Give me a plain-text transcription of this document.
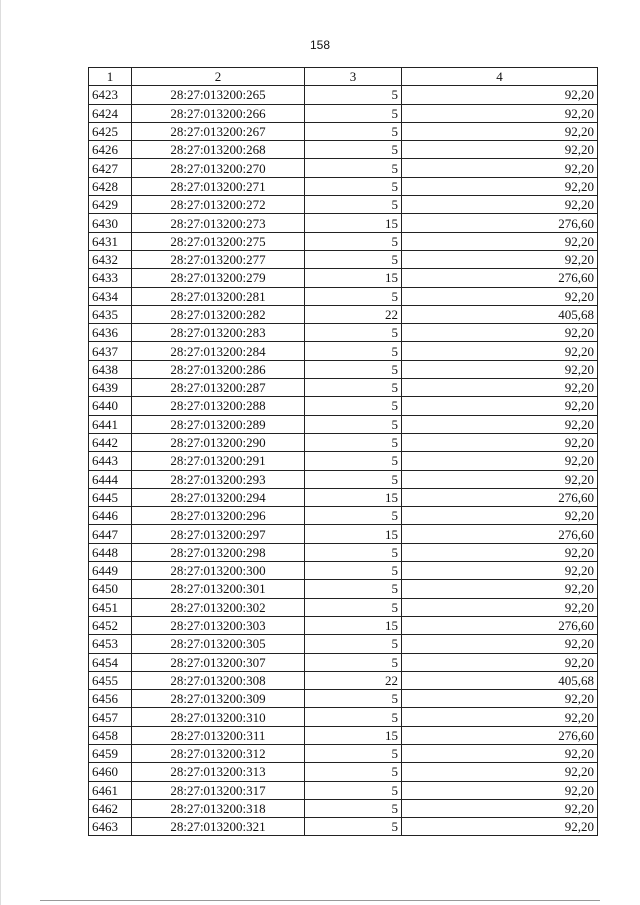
158
1	2	3	4
6423	28:27:013200:265	5	92,20
6424	28:27:013200:266	5	92,20
6425	28:27:013200:267	5	92,20
6426	28:27:013200:268	5	92,20
6427	28:27:013200:270	5	92,20
6428	28:27:013200:271	5	92,20
6429	28:27:013200:272	5	92,20
6430	28:27:013200:273	15	276,60
6431	28:27:013200:275	5	92,20
6432	28:27:013200:277	5	92,20
6433	28:27:013200:279	15	276,60
6434	28:27:013200:281	5	92,20
6435	28:27:013200:282	22	405,68
6436	28:27:013200:283	5	92,20
6437	28:27:013200:284	5	92,20
6438	28:27:013200:286	5	92,20
6439	28:27:013200:287	5	92,20
6440	28:27:013200:288	5	92,20
6441	28:27:013200:289	5	92,20
6442	28:27:013200:290	5	92,20
6443	28:27:013200:291	5	92,20
6444	28:27:013200:293	5	92,20
6445	28:27:013200:294	15	276,60
6446	28:27:013200:296	5	92,20
6447	28:27:013200:297	15	276,60
6448	28:27:013200:298	5	92,20
6449	28:27:013200:300	5	92,20
6450	28:27:013200:301	5	92,20
6451	28:27:013200:302	5	92,20
6452	28:27:013200:303	15	276,60
6453	28:27:013200:305	5	92,20
6454	28:27:013200:307	5	92,20
6455	28:27:013200:308	22	405,68
6456	28:27:013200:309	5	92,20
6457	28:27:013200:310	5	92,20
6458	28:27:013200:311	15	276,60
6459	28:27:013200:312	5	92,20
6460	28:27:013200:313	5	92,20
6461	28:27:013200:317	5	92,20
6462	28:27:013200:318	5	92,20
6463	28:27:013200:321	5	92,20
